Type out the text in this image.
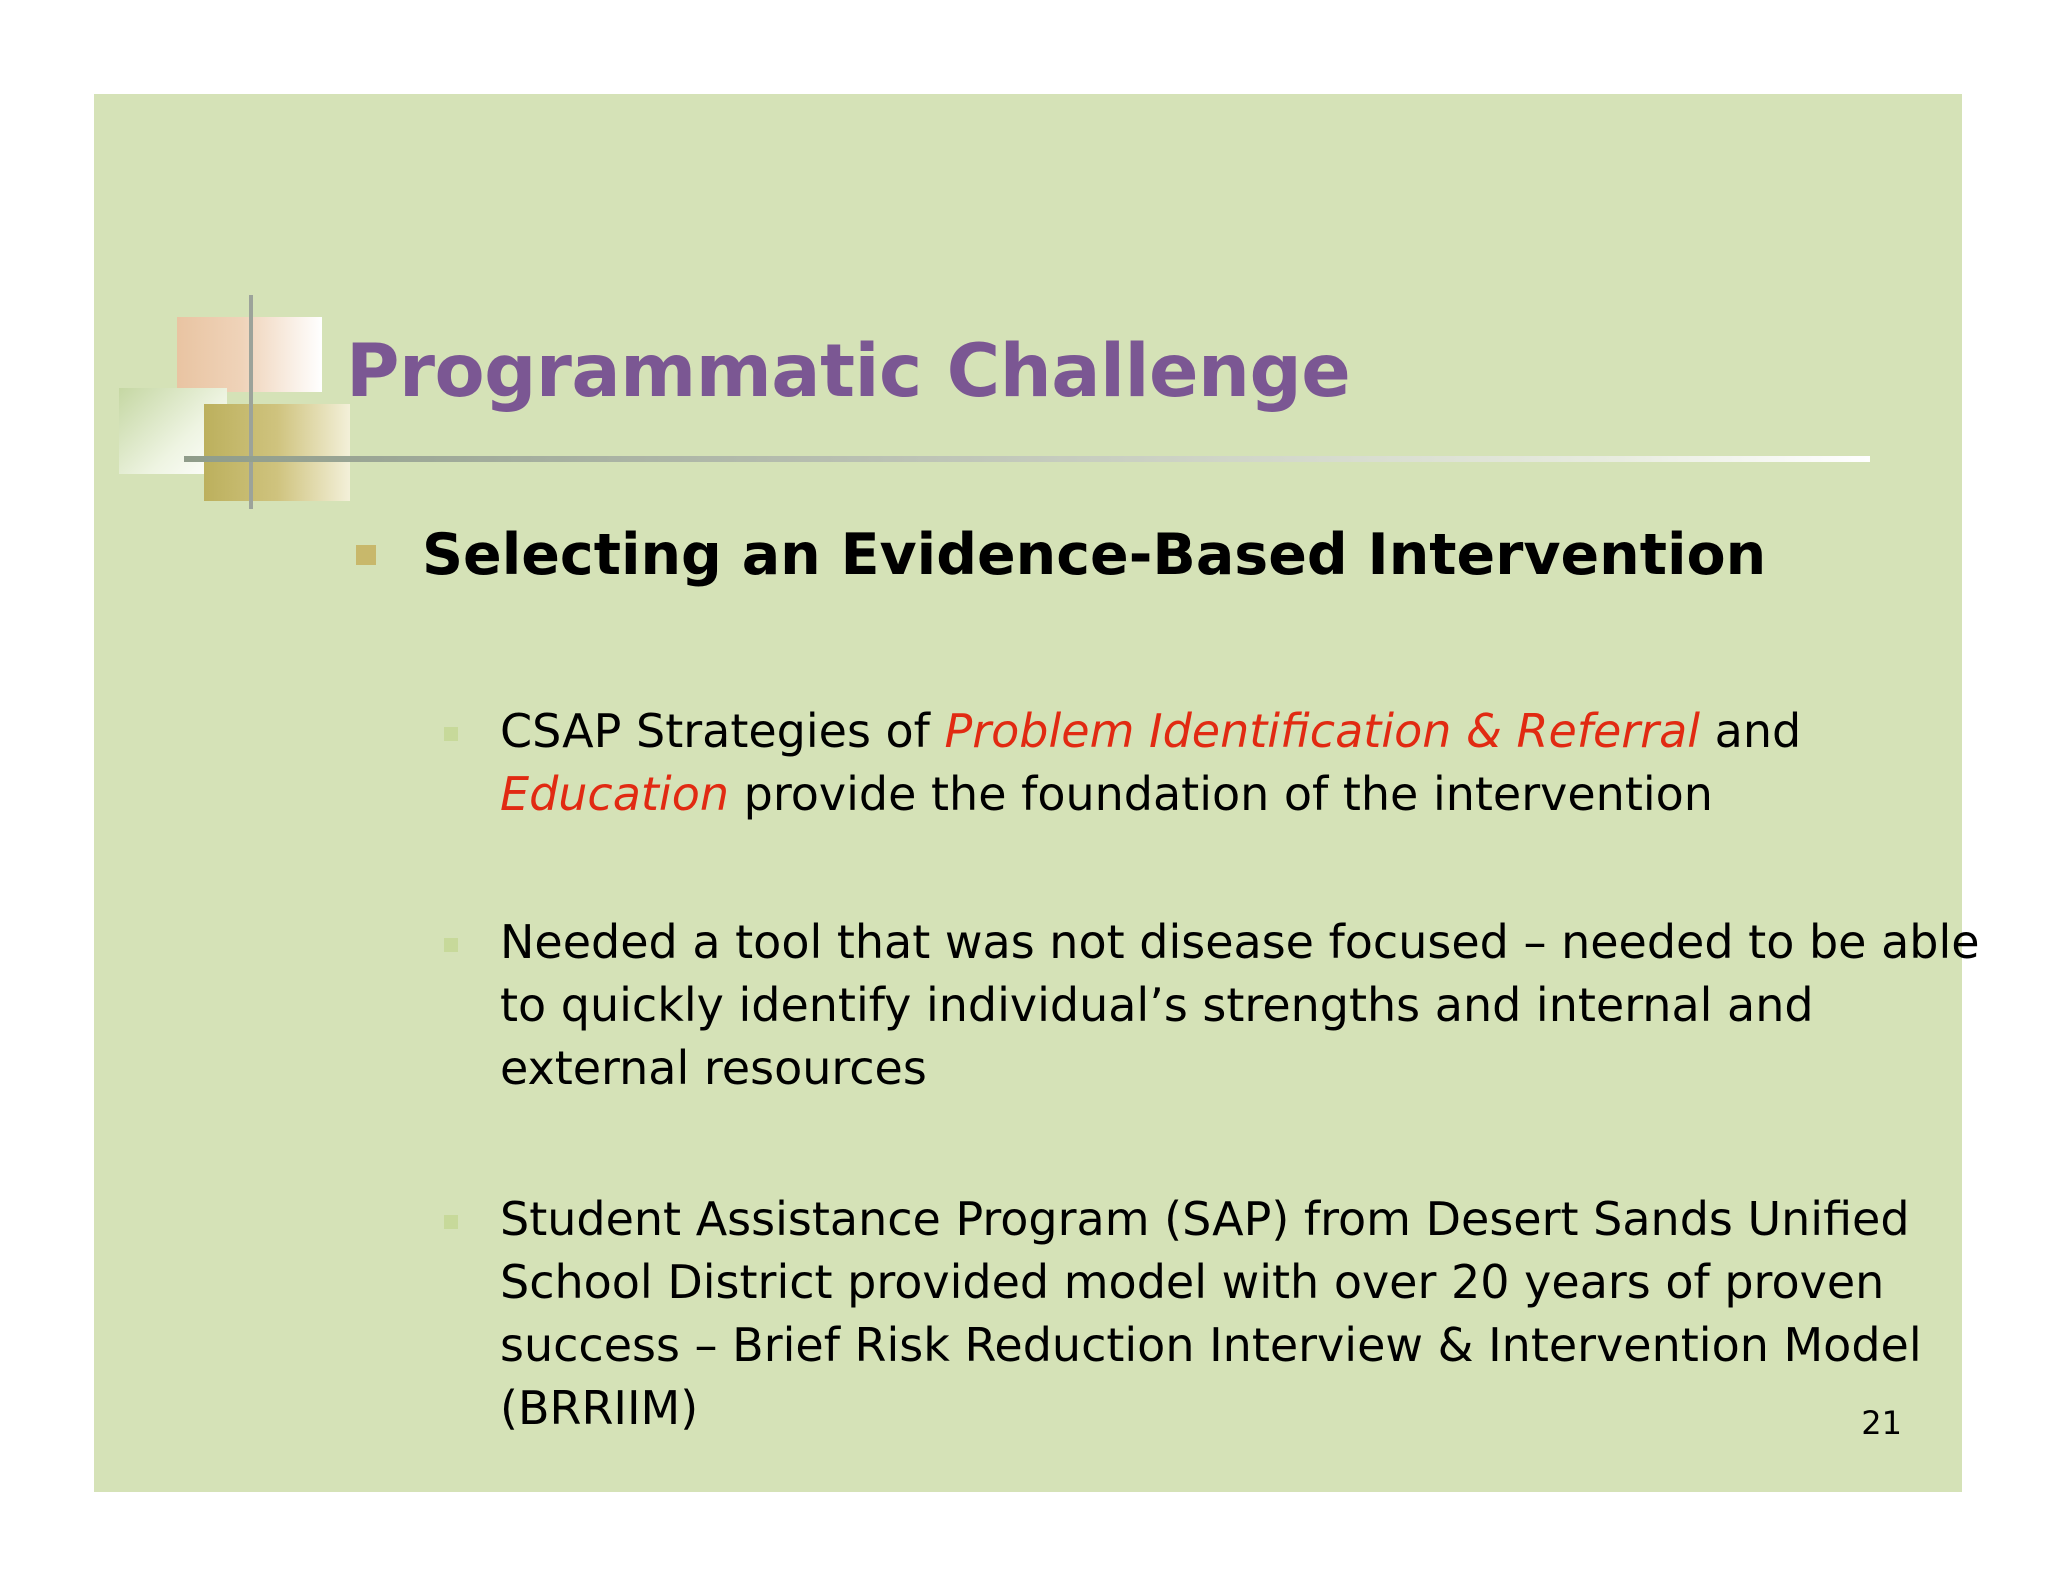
Programmatic Challenge
Selecting an Evidence-Based Intervention

CSAP Strategies of Problem Identification & Referral and
Education provide the foundation of the intervention

Needed a tool that was not disease focused – needed to be able to quickly identify individual’s strengths and internal and external resources

Student Assistance Program (SAP) from Desert Sands Unified School District provided model with over 20 years of proven success – Brief Risk Reduction Interview & Intervention Model (BRRIIM)	21
